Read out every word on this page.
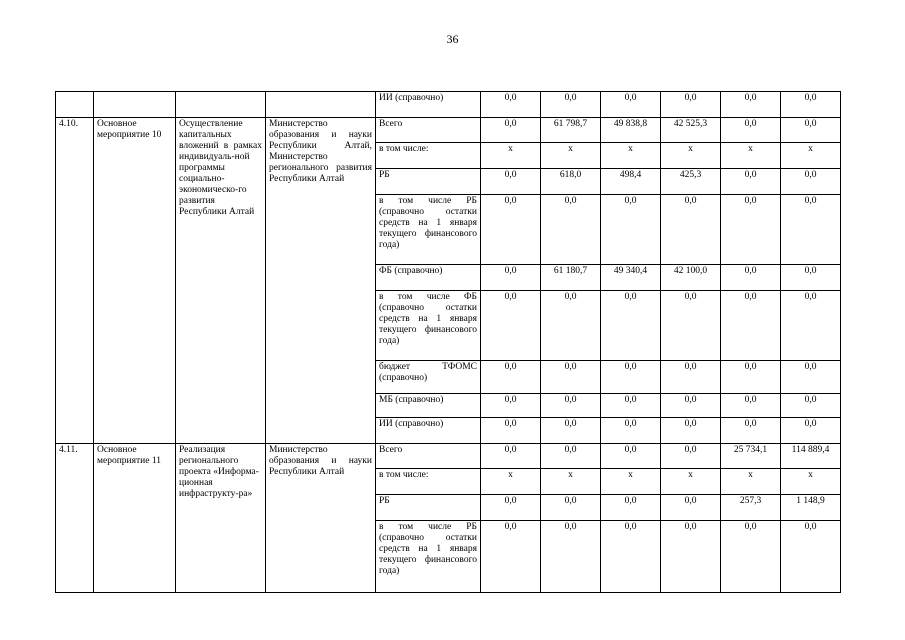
36
				ИИ (справочно)	0,0	0,0	0,0	0,0	0,0	0,0
4.10.	Основное мероприятие 10	Осуществление капитальных вложений в рамках индивидуаль-ной программы социально-экономическо-го развития Республики Алтай	Министерство образования и науки Республики Алтай, Министерство регионального развития Республики Алтай	Всего	0,0	61 798,7	49 838,8	42 525,3	0,0	0,0
				в том числе:	х	х	х	х	х	х
				РБ	0,0	618,0	498,4	425,3	0,0	0,0
				в том числе РБ (справочно остатки средств на 1 января текущего финансового года)	0,0	0,0	0,0	0,0	0,0	0,0
				ФБ (справочно)	0,0	61 180,7	49 340,4	42 100,0	0,0	0,0
				в том числе ФБ (справочно остатки средств на 1 января текущего финансового года)	0,0	0,0	0,0	0,0	0,0	0,0
				бюджет ТФОМС (справочно)	0,0	0,0	0,0	0,0	0,0	0,0
				МБ (справочно)	0,0	0,0	0,0	0,0	0,0	0,0
				ИИ (справочно)	0,0	0,0	0,0	0,0	0,0	0,0
4.11.	Основное мероприятие 11	Реализация регионального проекта «Информа-ционная инфраструкту-ра»	Министерство образования и науки Республики Алтай	Всего	0,0	0,0	0,0	0,0	25 734,1	114 889,4
				в том числе:	х	х	х	х	х	х
				РБ	0,0	0,0	0,0	0,0	257,3	1 148,9
				в том числе РБ (справочно остатки средств на 1 января текущего финансового года)	0,0	0,0	0,0	0,0	0,0	0,0
